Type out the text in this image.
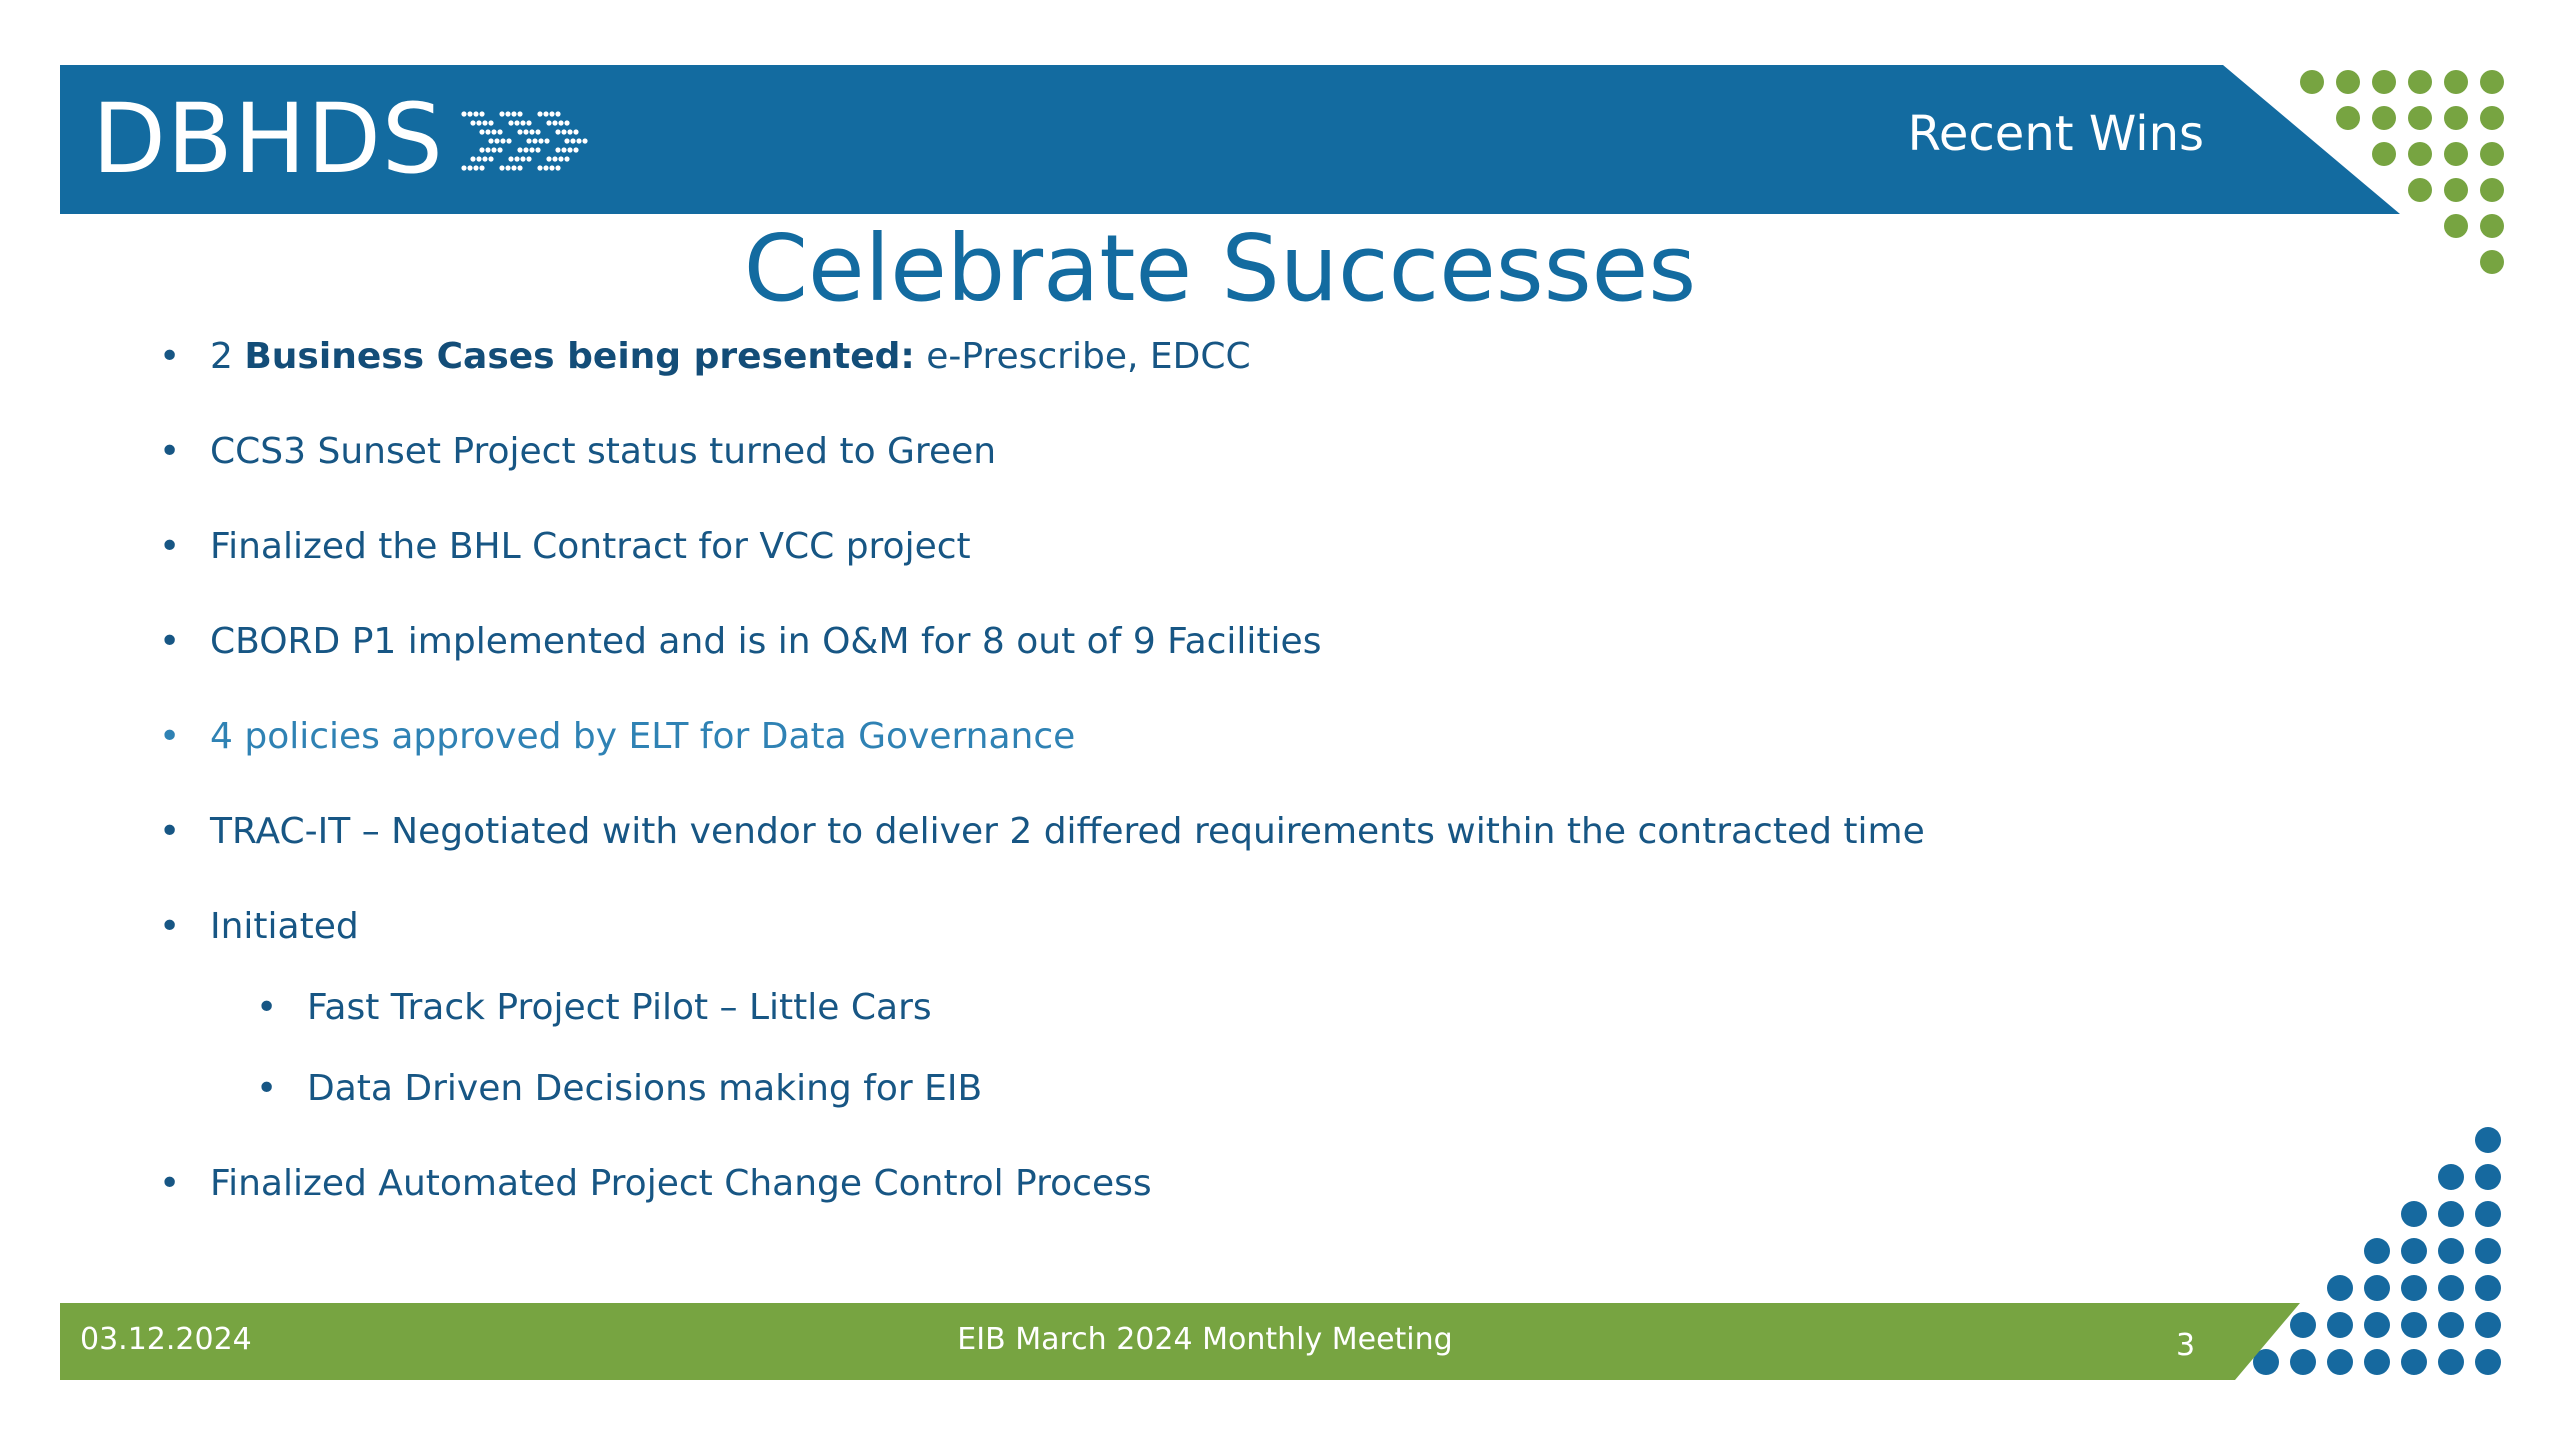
DBHDS	Recent Wins
Celebrate Successes
• 2 Business Cases being presented: e-Prescribe, EDCC
• CCS3 Sunset Project status turned to Green
• Finalized the BHL Contract for VCC project
• CBORD P1 implemented and is in O&M for 8 out of 9 Facilities
• 4 policies approved by ELT for Data Governance
• TRAC-IT – Negotiated with vendor to deliver 2 differed requirements within the contracted time
• Initiated
• Fast Track Project Pilot – Little Cars
• Data Driven Decisions making for EIB
• Finalized Automated Project Change Control Process
03.12.2024	EIB March 2024 Monthly Meeting	3
